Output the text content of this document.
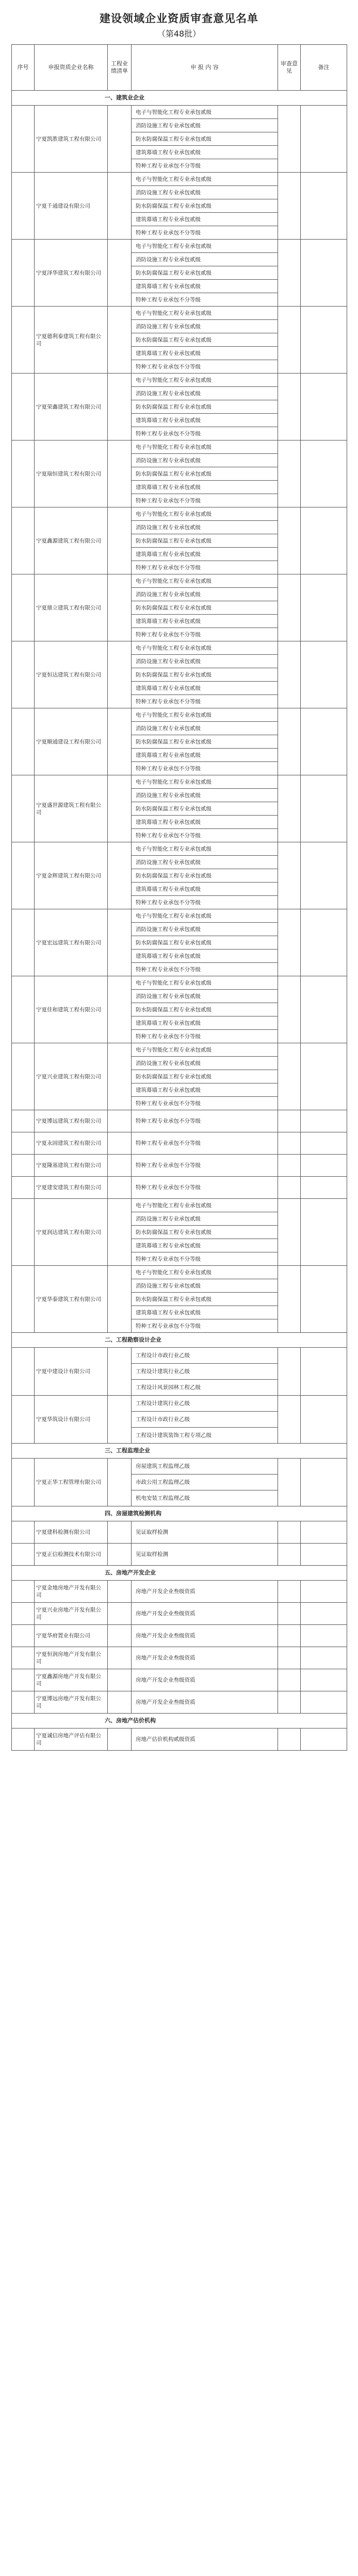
建设领域企业资质审查意见名单

（第48批）

序号	申报资质企业名称	工程业绩清单	申 报 内 容	审查意见	备注
一、建筑业企业					
	宁夏凯胜建筑工程有限公司		电子与智能化工程专业承包贰级		
			消防设施工程专业承包贰级		
			防水防腐保温工程专业承包贰级		
			建筑幕墙工程专业承包贰级		
			特种工程专业承包不分等级		
	宁夏千通建设有限公司		电子与智能化工程专业承包贰级		
			消防设施工程专业承包贰级		
			防水防腐保温工程专业承包贰级		
			建筑幕墙工程专业承包贰级		
			特种工程专业承包不分等级		
	宁夏泽华建筑工程有限公司		电子与智能化工程专业承包贰级		
			消防设施工程专业承包贰级		
			防水防腐保温工程专业承包贰级		
			建筑幕墙工程专业承包贰级		
			特种工程专业承包不分等级		
	宁夏德利泰建筑工程有限公司		电子与智能化工程专业承包贰级		
			消防设施工程专业承包贰级		
			防水防腐保温工程专业承包贰级		
			建筑幕墙工程专业承包贰级		
			特种工程专业承包不分等级		
	宁夏荣鑫建筑工程有限公司		电子与智能化工程专业承包贰级		
			消防设施工程专业承包贰级		
			防水防腐保温工程专业承包贰级		
			建筑幕墙工程专业承包贰级		
			特种工程专业承包不分等级		
	宁夏瑞恒建筑工程有限公司		电子与智能化工程专业承包贰级		
			消防设施工程专业承包贰级		
			防水防腐保温工程专业承包贰级		
			建筑幕墙工程专业承包贰级		
			特种工程专业承包不分等级		
	宁夏鑫源建筑工程有限公司		电子与智能化工程专业承包贰级		
			消防设施工程专业承包贰级		
			防水防腐保温工程专业承包贰级		
			建筑幕墙工程专业承包贰级		
			特种工程专业承包不分等级		
	宁夏鼎立建筑工程有限公司		电子与智能化工程专业承包贰级		
			消防设施工程专业承包贰级		
			防水防腐保温工程专业承包贰级		
			建筑幕墙工程专业承包贰级		
			特种工程专业承包不分等级		
	宁夏恒达建筑工程有限公司		电子与智能化工程专业承包贰级		
			消防设施工程专业承包贰级		
			防水防腐保温工程专业承包贰级		
			建筑幕墙工程专业承包贰级		
			特种工程专业承包不分等级		
	宁夏顺通建设工程有限公司		电子与智能化工程专业承包贰级		
			消防设施工程专业承包贰级		
			防水防腐保温工程专业承包贰级		
			建筑幕墙工程专业承包贰级		
			特种工程专业承包不分等级		
	宁夏盛世源建筑工程有限公司		电子与智能化工程专业承包贰级		
			消防设施工程专业承包贰级		
			防水防腐保温工程专业承包贰级		
			建筑幕墙工程专业承包贰级		
			特种工程专业承包不分等级		
	宁夏金辉建筑工程有限公司		电子与智能化工程专业承包贰级		
			消防设施工程专业承包贰级		
			防水防腐保温工程专业承包贰级		
			建筑幕墙工程专业承包贰级		
			特种工程专业承包不分等级		
	宁夏宏远建筑工程有限公司		电子与智能化工程专业承包贰级		
			消防设施工程专业承包贰级		
			防水防腐保温工程专业承包贰级		
			建筑幕墙工程专业承包贰级		
			特种工程专业承包不分等级		
	宁夏佳和建筑工程有限公司		电子与智能化工程专业承包贰级		
			消防设施工程专业承包贰级		
			防水防腐保温工程专业承包贰级		
			建筑幕墙工程专业承包贰级		
			特种工程专业承包不分等级		
	宁夏兴业建筑工程有限公司		电子与智能化工程专业承包贰级		
			消防设施工程专业承包贰级		
			防水防腐保温工程专业承包贰级		
			建筑幕墙工程专业承包贰级		
			特种工程专业承包不分等级		
	宁夏博远建筑工程有限公司		特种工程专业承包不分等级		
	宁夏永固建筑工程有限公司		特种工程专业承包不分等级		
	宁夏隆基建筑工程有限公司		特种工程专业承包不分等级		
	宁夏建安建筑工程有限公司		特种工程专业承包不分等级		
	宁夏润达建筑工程有限公司		电子与智能化工程专业承包贰级		
			消防设施工程专业承包贰级		
			防水防腐保温工程专业承包贰级		
			建筑幕墙工程专业承包贰级		
			特种工程专业承包不分等级		
	宁夏华泰建筑工程有限公司		电子与智能化工程专业承包贰级		
			消防设施工程专业承包贰级		
			防水防腐保温工程专业承包贰级		
			建筑幕墙工程专业承包贰级		
			特种工程专业承包不分等级		
二、工程勘察设计企业					
	宁夏中建设计有限公司		工程设计市政行业乙级		
			工程设计建筑行业乙级		
			工程设计风景园林工程乙级		
	宁夏华筑设计有限公司		工程设计建筑行业乙级		
			工程设计市政行业乙级		
			工程设计建筑装饰工程专项乙级		
三、工程监理企业					
	宁夏正华工程管理有限公司		房屋建筑工程监理乙级		
			市政公用工程监理乙级		
			机电安装工程监理乙级		
四、房屋建筑检测机构					
	宁夏建科检测有限公司		见证取样检测		
	宁夏正信检测技术有限公司		见证取样检测		
五、房地产开发企业					
	宁夏金地房地产开发有限公司		房地产开发企业叁级资质		
	宁夏兴业房地产开发有限公司		房地产开发企业叁级资质		
	宁夏华府置业有限公司		房地产开发企业叁级资质		
	宁夏恒润房地产开发有限公司		房地产开发企业叁级资质		
	宁夏鑫源房地产开发有限公司		房地产开发企业叁级资质		
	宁夏博远房地产开发有限公司		房地产开发企业叁级资质		
六、房地产估价机构					
	宁夏诚信房地产评估有限公司		房地产估价机构贰级资质		
